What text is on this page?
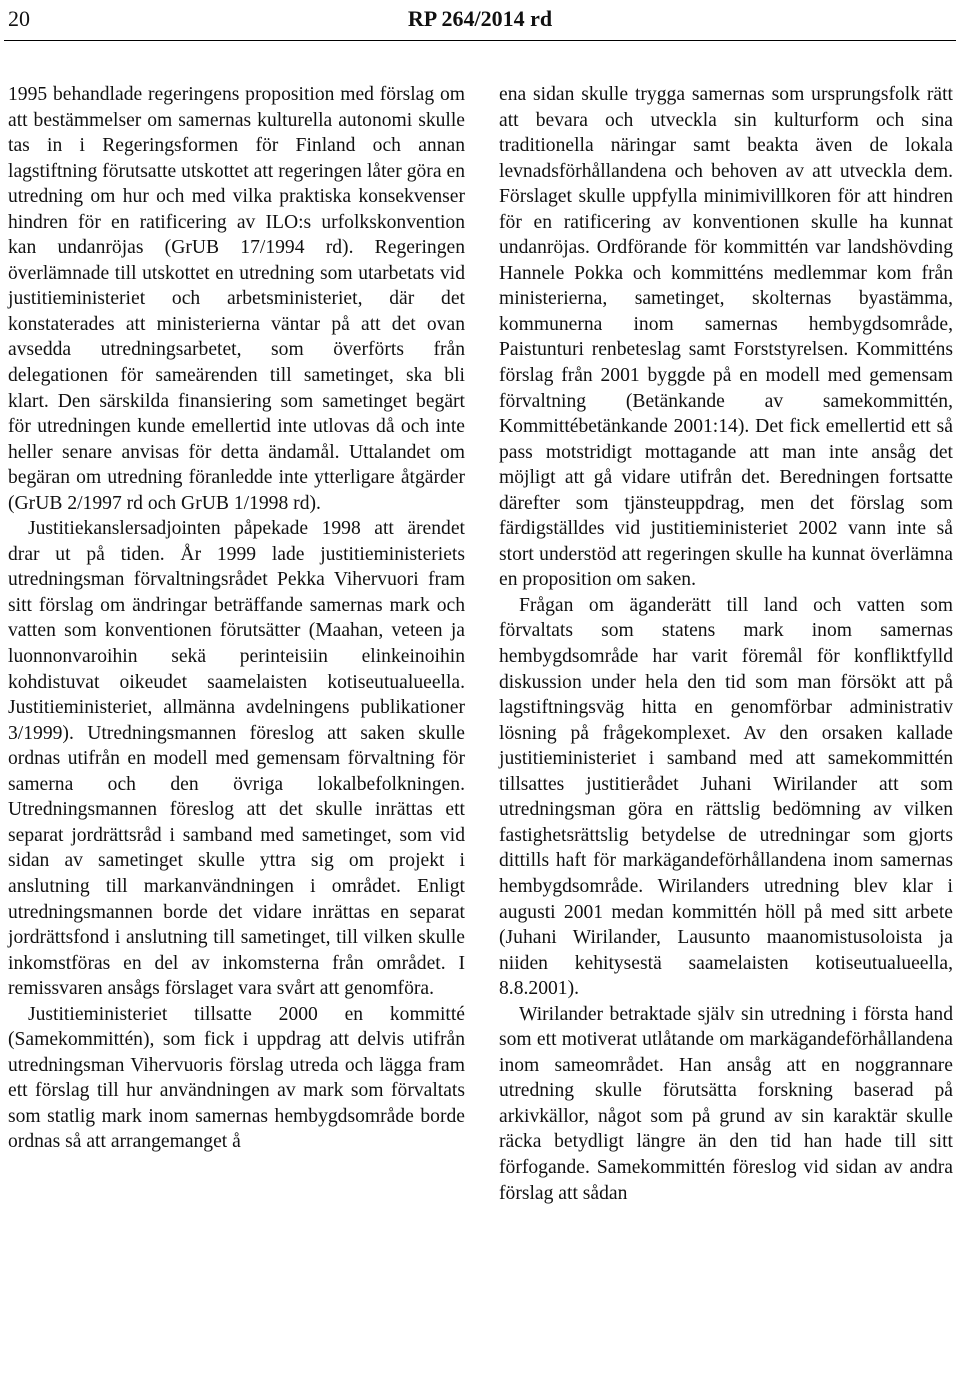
20	RP 264/2014 rd

1995 behandlade regeringens proposition med förslag om att bestämmelser om samernas kulturella autonomi skulle tas in i Regeringsformen för Finland och annan lagstiftning förutsatte utskottet att regeringen låter göra en utredning om hur och med vilka praktiska konsekvenser hindren för en ratificering av ILO:s urfolkskonvention kan undanröjas (GrUB 17/1994 rd). Regeringen överlämnade till utskottet en utredning som utarbetats vid justitieministeriet och arbetsministeriet, där det konstaterades att ministerierna väntar på att det ovan avsedda utredningsarbetet, som överförts från delegationen för sameärenden till sametinget, ska bli klart. Den särskilda finansiering som sametinget begärt för utredningen kunde emellertid inte utlovas då och inte heller senare anvisas för detta ändamål. Uttalandet om begäran om utredning föranledde inte ytterligare åtgärder (GrUB 2/1997 rd och GrUB 1/1998 rd).

Justitiekanslersadjointen påpekade 1998 att ärendet drar ut på tiden. År 1999 lade justitieministeriets utredningsman förvaltningsrådet Pekka Vihervuori fram sitt förslag om ändringar beträffande samernas mark och vatten som konventionen förutsätter (Maahan, veteen ja luonnonvaroihin sekä perinteisiin elinkeinoihin kohdistuvat oikeudet saamelaisten kotiseutualueella. Justitieministeriet, allmänna avdelningens publikationer 3/1999). Utredningsmannen föreslog att saken skulle ordnas utifrån en modell med gemensam förvaltning för samerna och den övriga lokalbefolkningen. Utredningsmannen föreslog att det skulle inrättas ett separat jordrättsråd i samband med sametinget, som vid sidan av sametinget skulle yttra sig om projekt i anslutning till markanvändningen i området. Enligt utredningsmannen borde det vidare inrättas en separat jordrättsfond i anslutning till sametinget, till vilken skulle inkomstföras en del av inkomsterna från området. I remissvaren ansågs förslaget vara svårt att genomföra.

Justitieministeriet tillsatte 2000 en kommitté (Samekommittén), som fick i uppdrag att delvis utifrån utredningsman Vihervuoris förslag utreda och lägga fram ett förslag till hur användningen av mark som förvaltats som statlig mark inom samernas hembygdsområde borde ordnas så att arrangemanget å

ena sidan skulle trygga samernas som ursprungsfolk rätt att bevara och utveckla sin kulturform och sina traditionella näringar samt beakta även de lokala levnadsförhållandena och behoven av att utveckla dem. Förslaget skulle uppfylla minimivillkoren för att hindren för en ratificering av konventionen skulle ha kunnat undanröjas. Ordförande för kommittén var landshövding Hannele Pokka och kommitténs medlemmar kom från ministerierna, sametinget, skolternas byastämma, kommunerna inom samernas hembygdsområde, Paistunturi renbeteslag samt Forststyrelsen. Kommitténs förslag från 2001 byggde på en modell med gemensam förvaltning (Betänkande av samekommittén, Kommittébetänkande 2001:14). Det fick emellertid ett så pass motstridigt mottagande att man inte ansåg det möjligt att gå vidare utifrån det. Beredningen fortsatte därefter som tjänsteuppdrag, men det förslag som färdigställdes vid justitieministeriet 2002 vann inte så stort understöd att regeringen skulle ha kunnat överlämna en proposition om saken.

Frågan om äganderätt till land och vatten som förvaltats som statens mark inom samernas hembygdsområde har varit föremål för konfliktfylld diskussion under hela den tid som man försökt att på lagstiftningsväg hitta en genomförbar administrativ lösning på frågekomplexet. Av den orsaken kallade justitieministeriet i samband med att samekommittén tillsattes justitierådet Juhani Wirilander att som utredningsman göra en rättslig bedömning av vilken fastighetsrättslig betydelse de utredningar som gjorts dittills haft för markägandeförhållandena inom samernas hembygdsområde. Wirilanders utredning blev klar i augusti 2001 medan kommittén höll på med sitt arbete (Juhani Wirilander, Lausunto maanomistusoloista ja niiden kehitysestä saamelaisten kotiseutualueella, 8.8.2001).

Wirilander betraktade själv sin utredning i första hand som ett motiverat utlåtande om markägandeförhållandena inom sameområdet. Han ansåg att en noggrannare utredning skulle förutsätta forskning baserad på arkivkällor, något som på grund av sin karaktär skulle räcka betydligt längre än den tid han hade till sitt förfogande. Samekommittén föreslog vid sidan av andra förslag att sådan
